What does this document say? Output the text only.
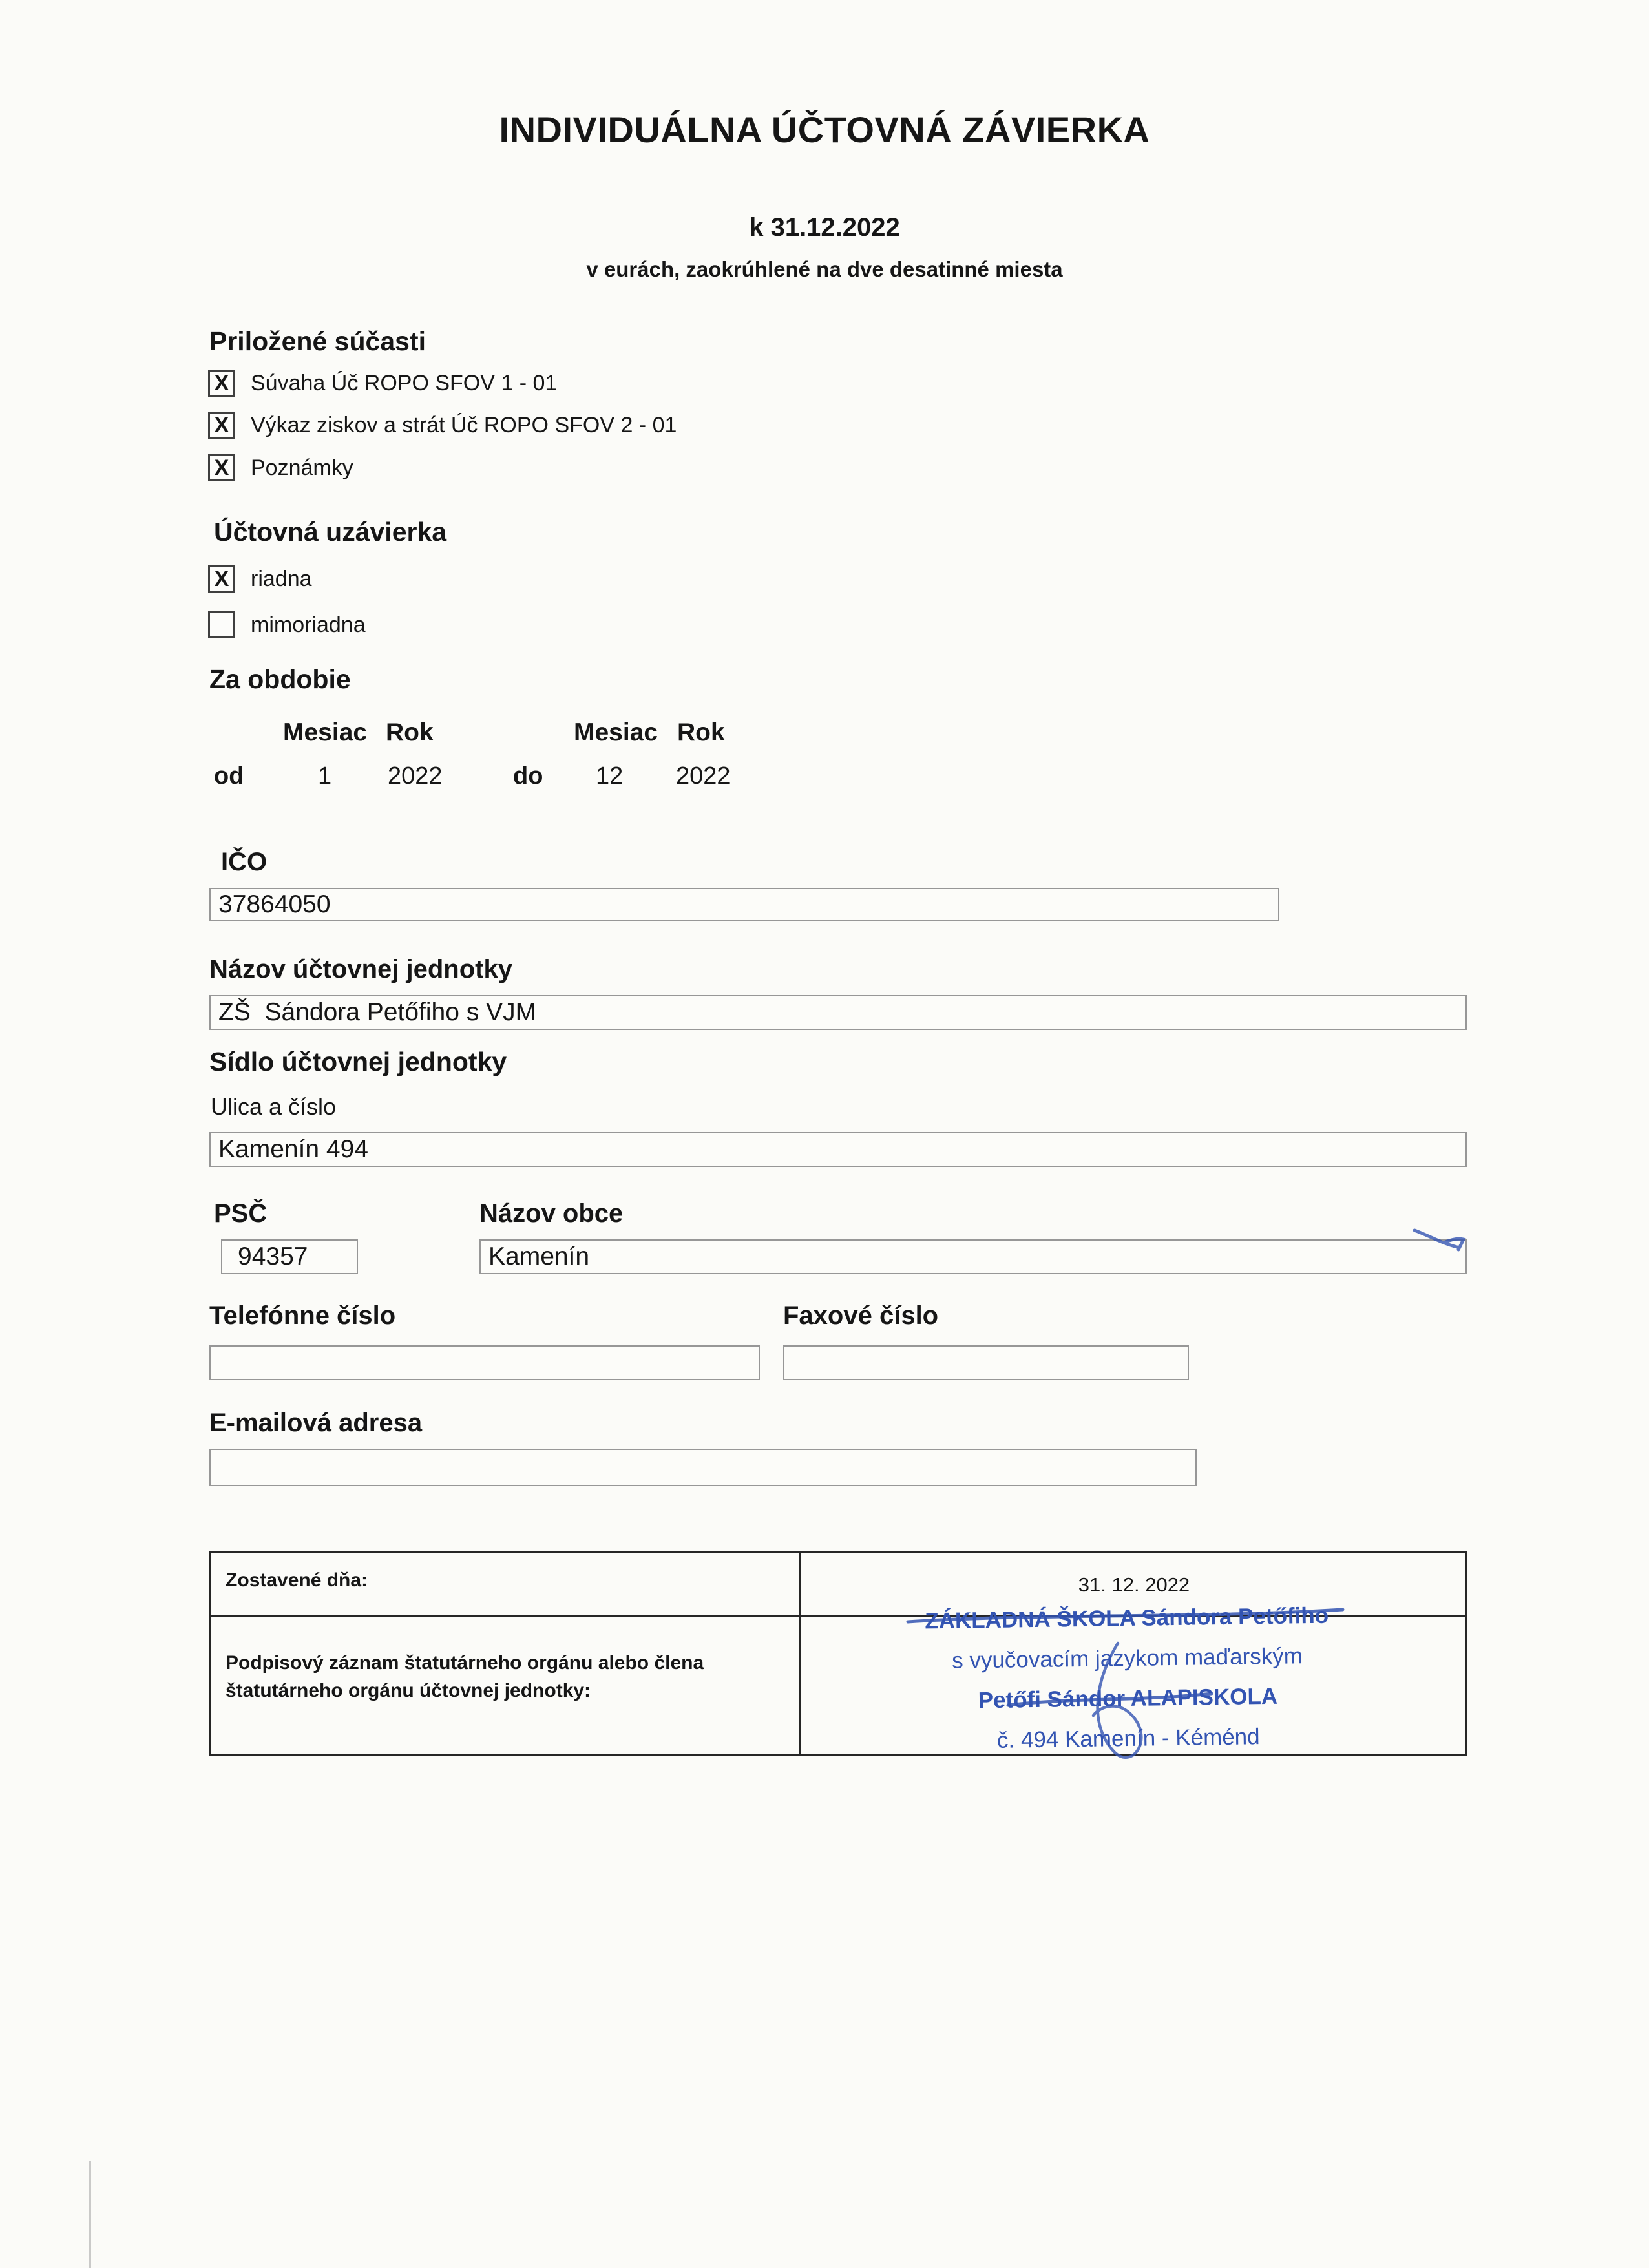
INDIVIDUÁLNA ÚČTOVNÁ ZÁVIERKA
k 31.12.2022
v eurách, zaokrúhlené na dve desatinné miesta
Priložené súčasti
X Súvaha Úč ROPO SFOV 1 - 01
X Výkaz ziskov a strát Úč ROPO SFOV 2 - 01
X Poznámky
Účtovná uzávierka
X riadna
mimoriadna
Za obdobie
Mesiac Rok	Mesiac Rok
od	1 2022	do 12 2022
IČO
37864050
Názov účtovnej jednotky
ZŠ  Sándora Petőfiho s VJM
Sídlo účtovnej jednotky
Ulica a číslo
Kamenín 494
PSČ	Názov obce
94357	Kamenín
Telefónne číslo	Faxové číslo
E-mailová adresa
Zostavené dňa:	31. 12. 2022
Podpisový záznam štatutárneho orgánu alebo člena štatutárneho orgánu účtovnej jednotky:
ZÁKLADNÁ ŠKOLA Sándora Petőfiho
s vyučovacím jazykom maďarským
Petőfi Sándor ALAPISKOLA
č. 494 Kamenín - Kéménd
